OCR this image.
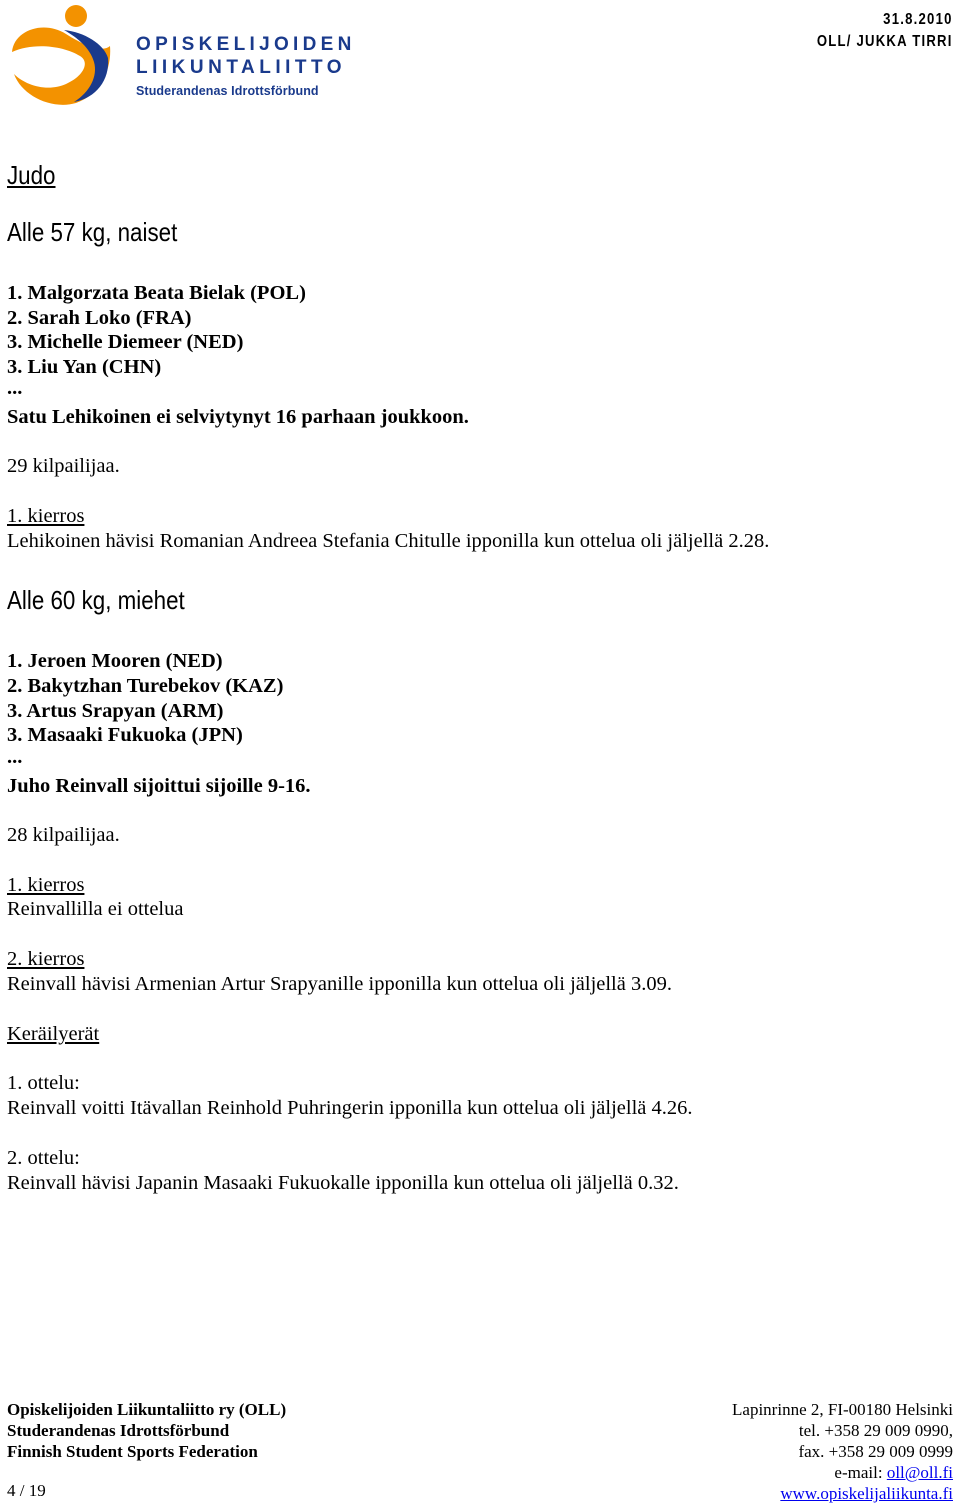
OPISKELIJOIDEN
LIIKUNTALIITTO
Studerandenas Idrottsförbund
31.8.2010
OLL/ JUKKA TIRRI
Judo
Alle 57 kg, naiset
1. Malgorzata Beata Bielak (POL)
2. Sarah Loko (FRA)
3. Michelle Diemeer (NED)
3. Liu Yan (CHN)
...
Satu Lehikoinen ei selviytynyt 16 parhaan joukkoon.
29 kilpailijaa.
1. kierros
Lehikoinen hävisi Romanian Andreea Stefania Chitulle ipponilla kun ottelua oli jäljellä 2.28.
Alle 60 kg, miehet
1. Jeroen Mooren (NED)
2. Bakytzhan Turebekov (KAZ)
3. Artus Srapyan (ARM)
3. Masaaki Fukuoka (JPN)
...
Juho Reinvall sijoittui sijoille 9-16.
28 kilpailijaa.
1. kierros
Reinvallilla ei ottelua
2. kierros
Reinvall hävisi Armenian Artur Srapyanille ipponilla kun ottelua oli jäljellä 3.09.
Keräilyerät
1. ottelu:
Reinvall voitti Itävallan Reinhold Puhringerin ipponilla kun ottelua oli jäljellä 4.26.
2. ottelu:
Reinvall hävisi Japanin Masaaki Fukuokalle ipponilla kun ottelua oli jäljellä 0.32.
Opiskelijoiden Liikuntaliitto ry (OLL)
Studerandenas Idrottsförbund
Finnish Student Sports Federation
Lapinrinne 2, FI-00180 Helsinki
tel. +358 29 009 0990,
fax. +358 29 009 0999
e-mail: oll@oll.fi
www.opiskelijaliikunta.fi
4 / 19
